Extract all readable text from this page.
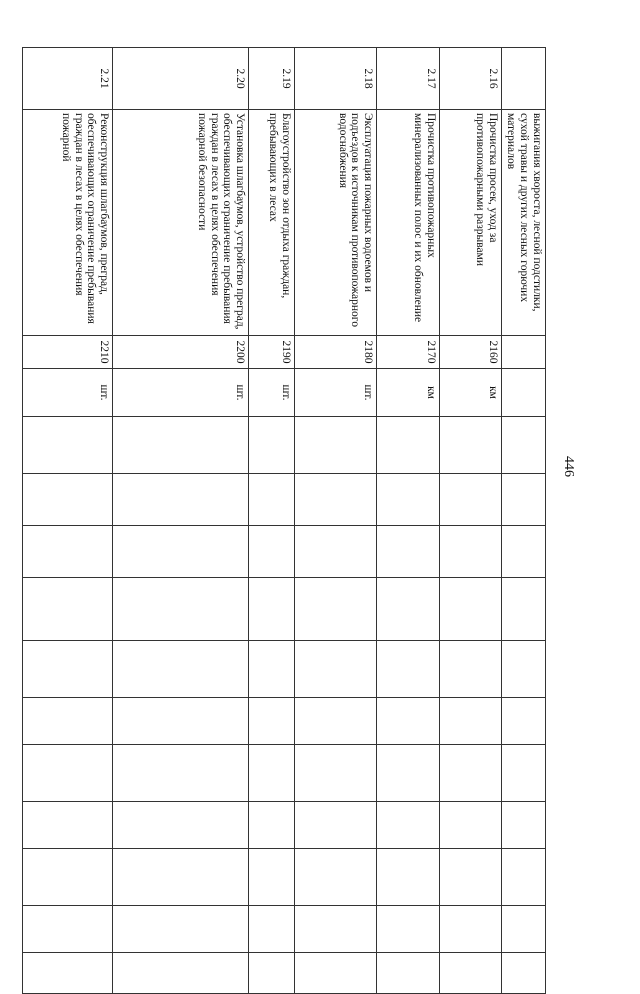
446

	выжигания хвороста, лесной подстилки, сухой травы и других лесных горючих материалов													

2.16	Прочистка просек, уход за противопожарными разрывами	2160	км											
2.17	Прочистка противопожарных минерализованных полос и их обновление	2170	км											
2.18	Эксплуатация пожарных водоемов и подъездов к источникам противопожарного водоснабжения	2180	шт.											
2.19	Благоустройство зон отдыха граждан, пребывающих в лесах	2190	шт.											
2.20	Установка шлагбаумов, устройство преград, обеспечивающих ограничение пребывания граждан в лесах в целях обеспечения пожарной безопасности	2200	шт.											
2.21	Реконструкция шлагбаумов, преград, обеспечивающих ограничение пребывания граждан в лесах в целях обеспечения пожарной	2210	шт.											
